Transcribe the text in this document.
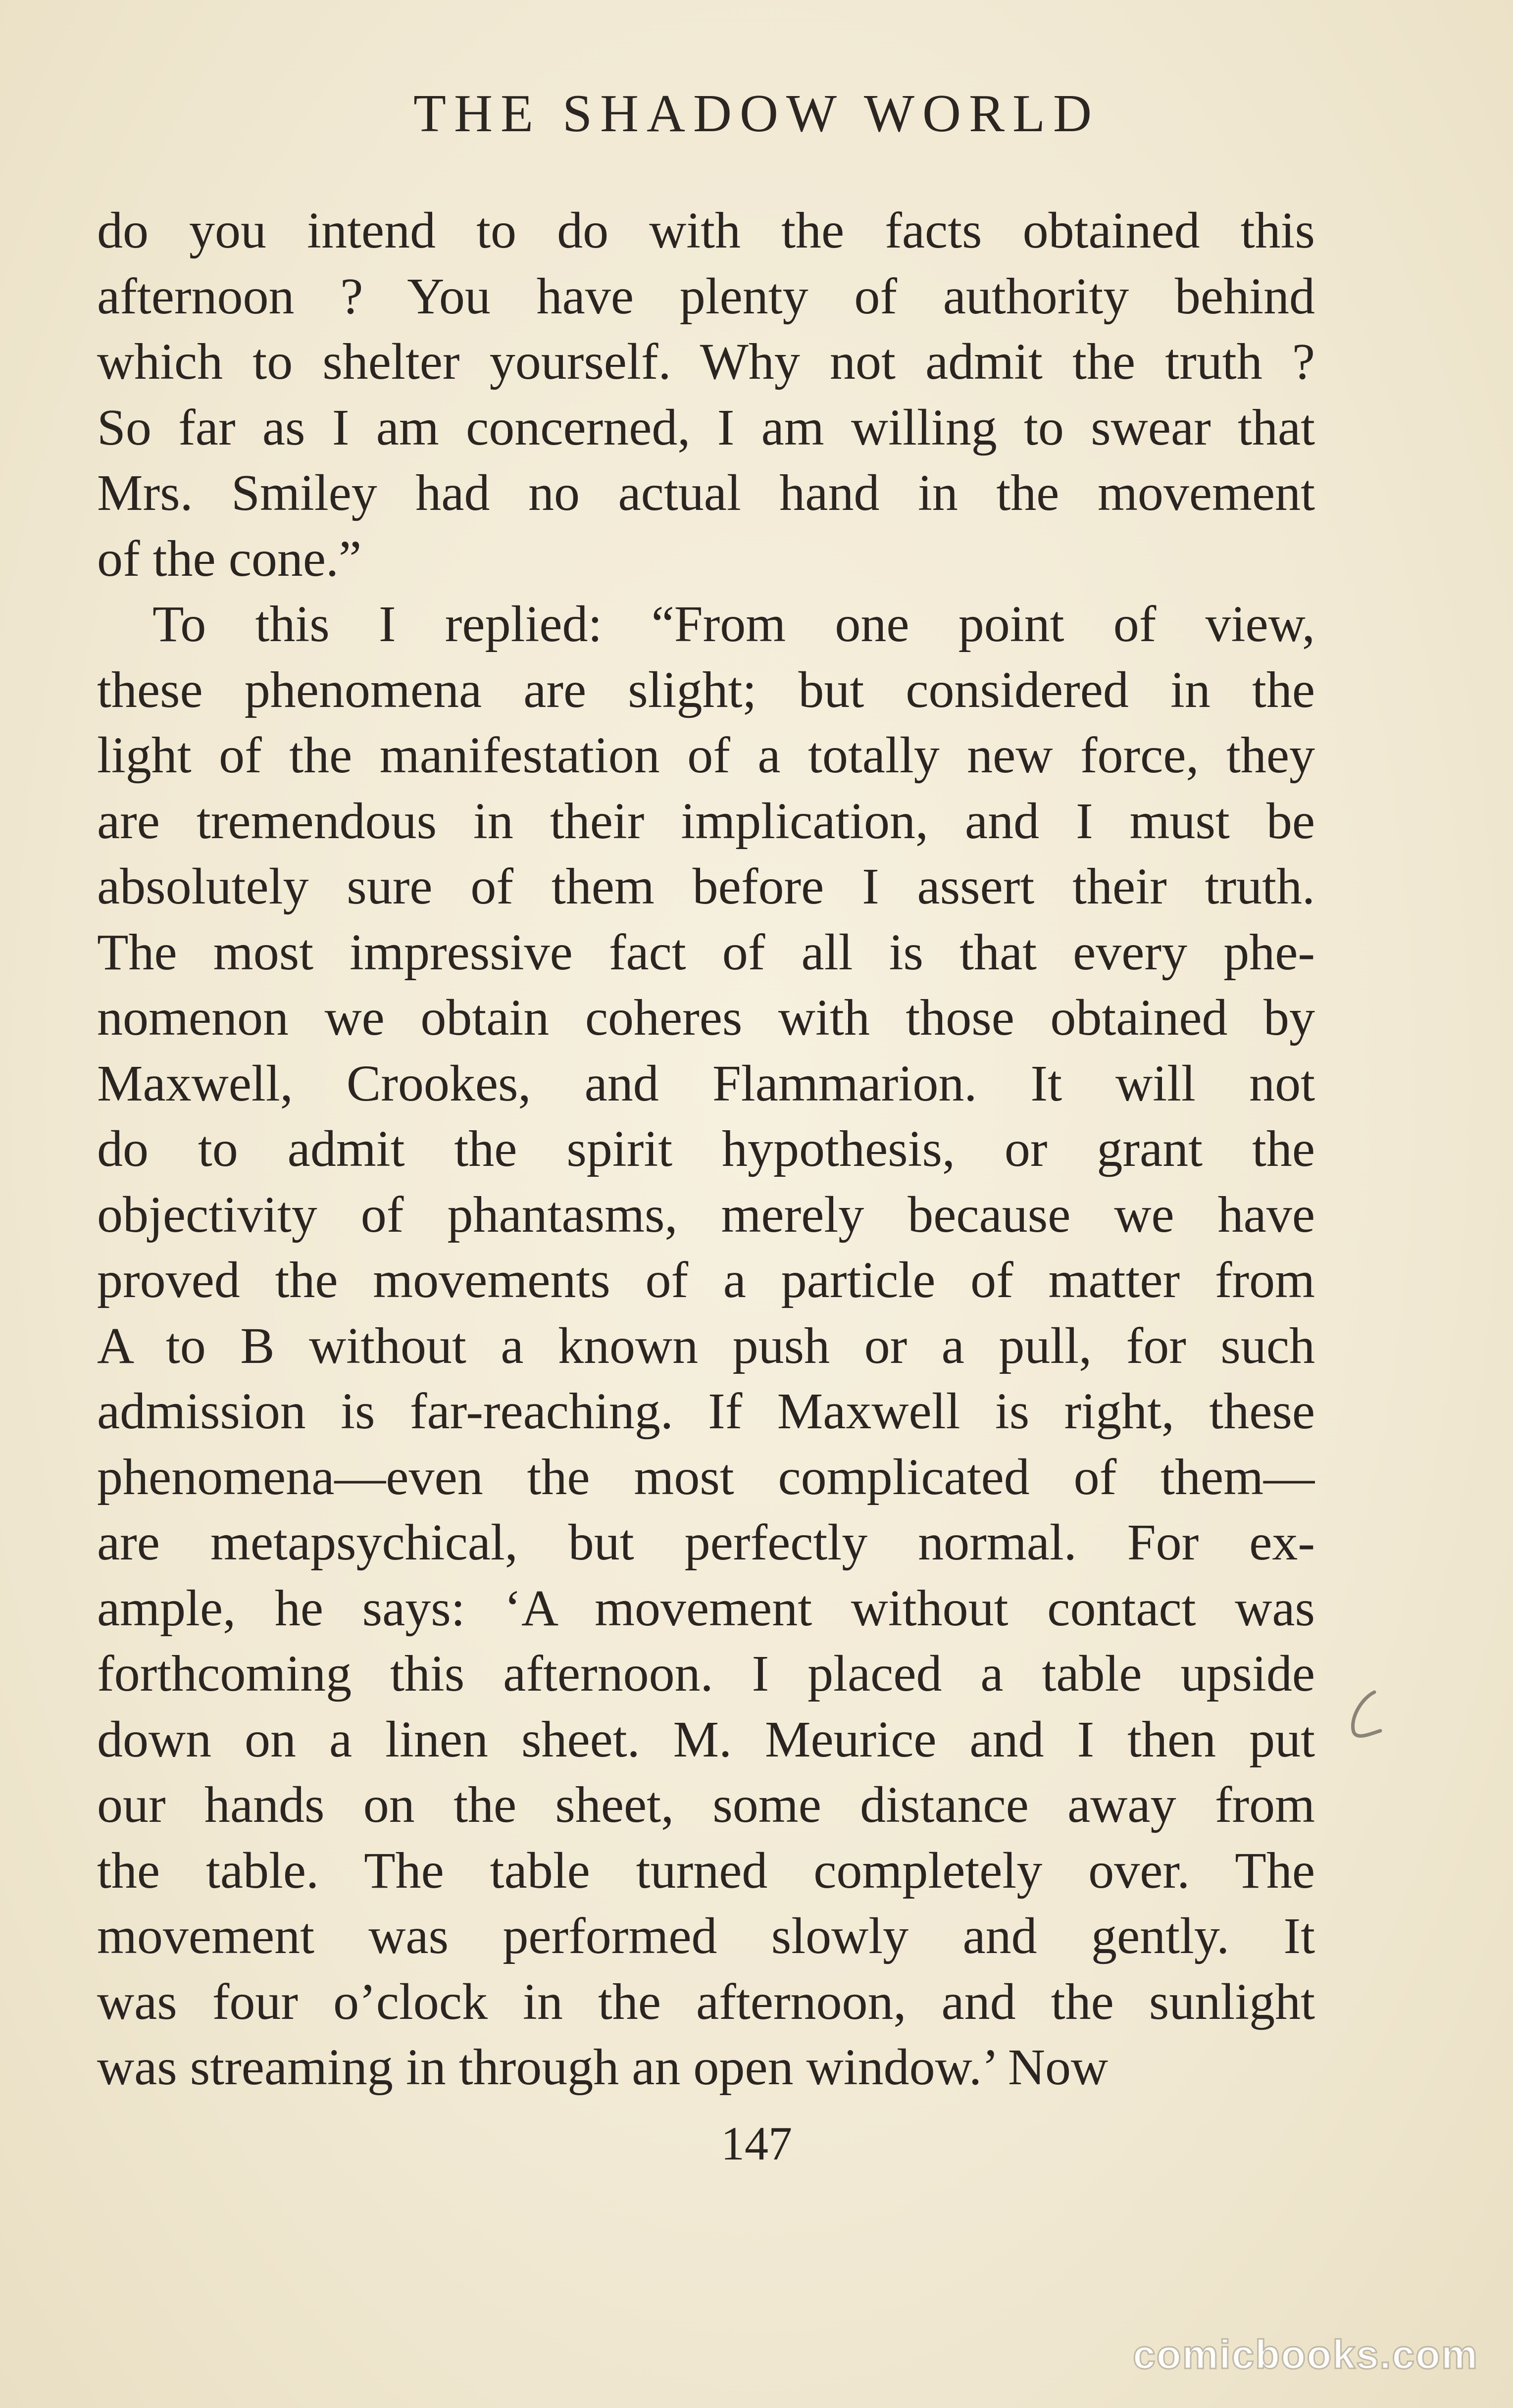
THE SHADOW WORLD
do you intend to do with the facts obtained this
afternoon ? You have plenty of authority behind
which to shelter yourself. Why not admit the truth ?
So far as I am concerned, I am willing to swear that
Mrs. Smiley had no actual hand in the movement
of the cone.”
To this I replied: “From one point of view,
these phenomena are slight; but considered in the
light of the manifestation of a totally new force, they
are tremendous in their implication, and I must be
absolutely sure of them before I assert their truth.
The most impressive fact of all is that every phe-
nomenon we obtain coheres with those obtained by
Maxwell, Crookes, and Flammarion. It will not
do to admit the spirit hypothesis, or grant the
objectivity of phantasms, merely because we have
proved the movements of a particle of matter from
A to B without a known push or a pull, for such
admission is far-reaching. If Maxwell is right, these
phenomena—even the most complicated of them—
are metapsychical, but perfectly normal. For ex-
ample, he says: ‘A movement without contact was
forthcoming this afternoon. I placed a table upside
down on a linen sheet. M. Meurice and I then put
our hands on the sheet, some distance away from
the table. The table turned completely over. The
movement was performed slowly and gently. It
was four o’clock in the afternoon, and the sunlight
was streaming in through an open window.’ Now
147
comicbooks.com
